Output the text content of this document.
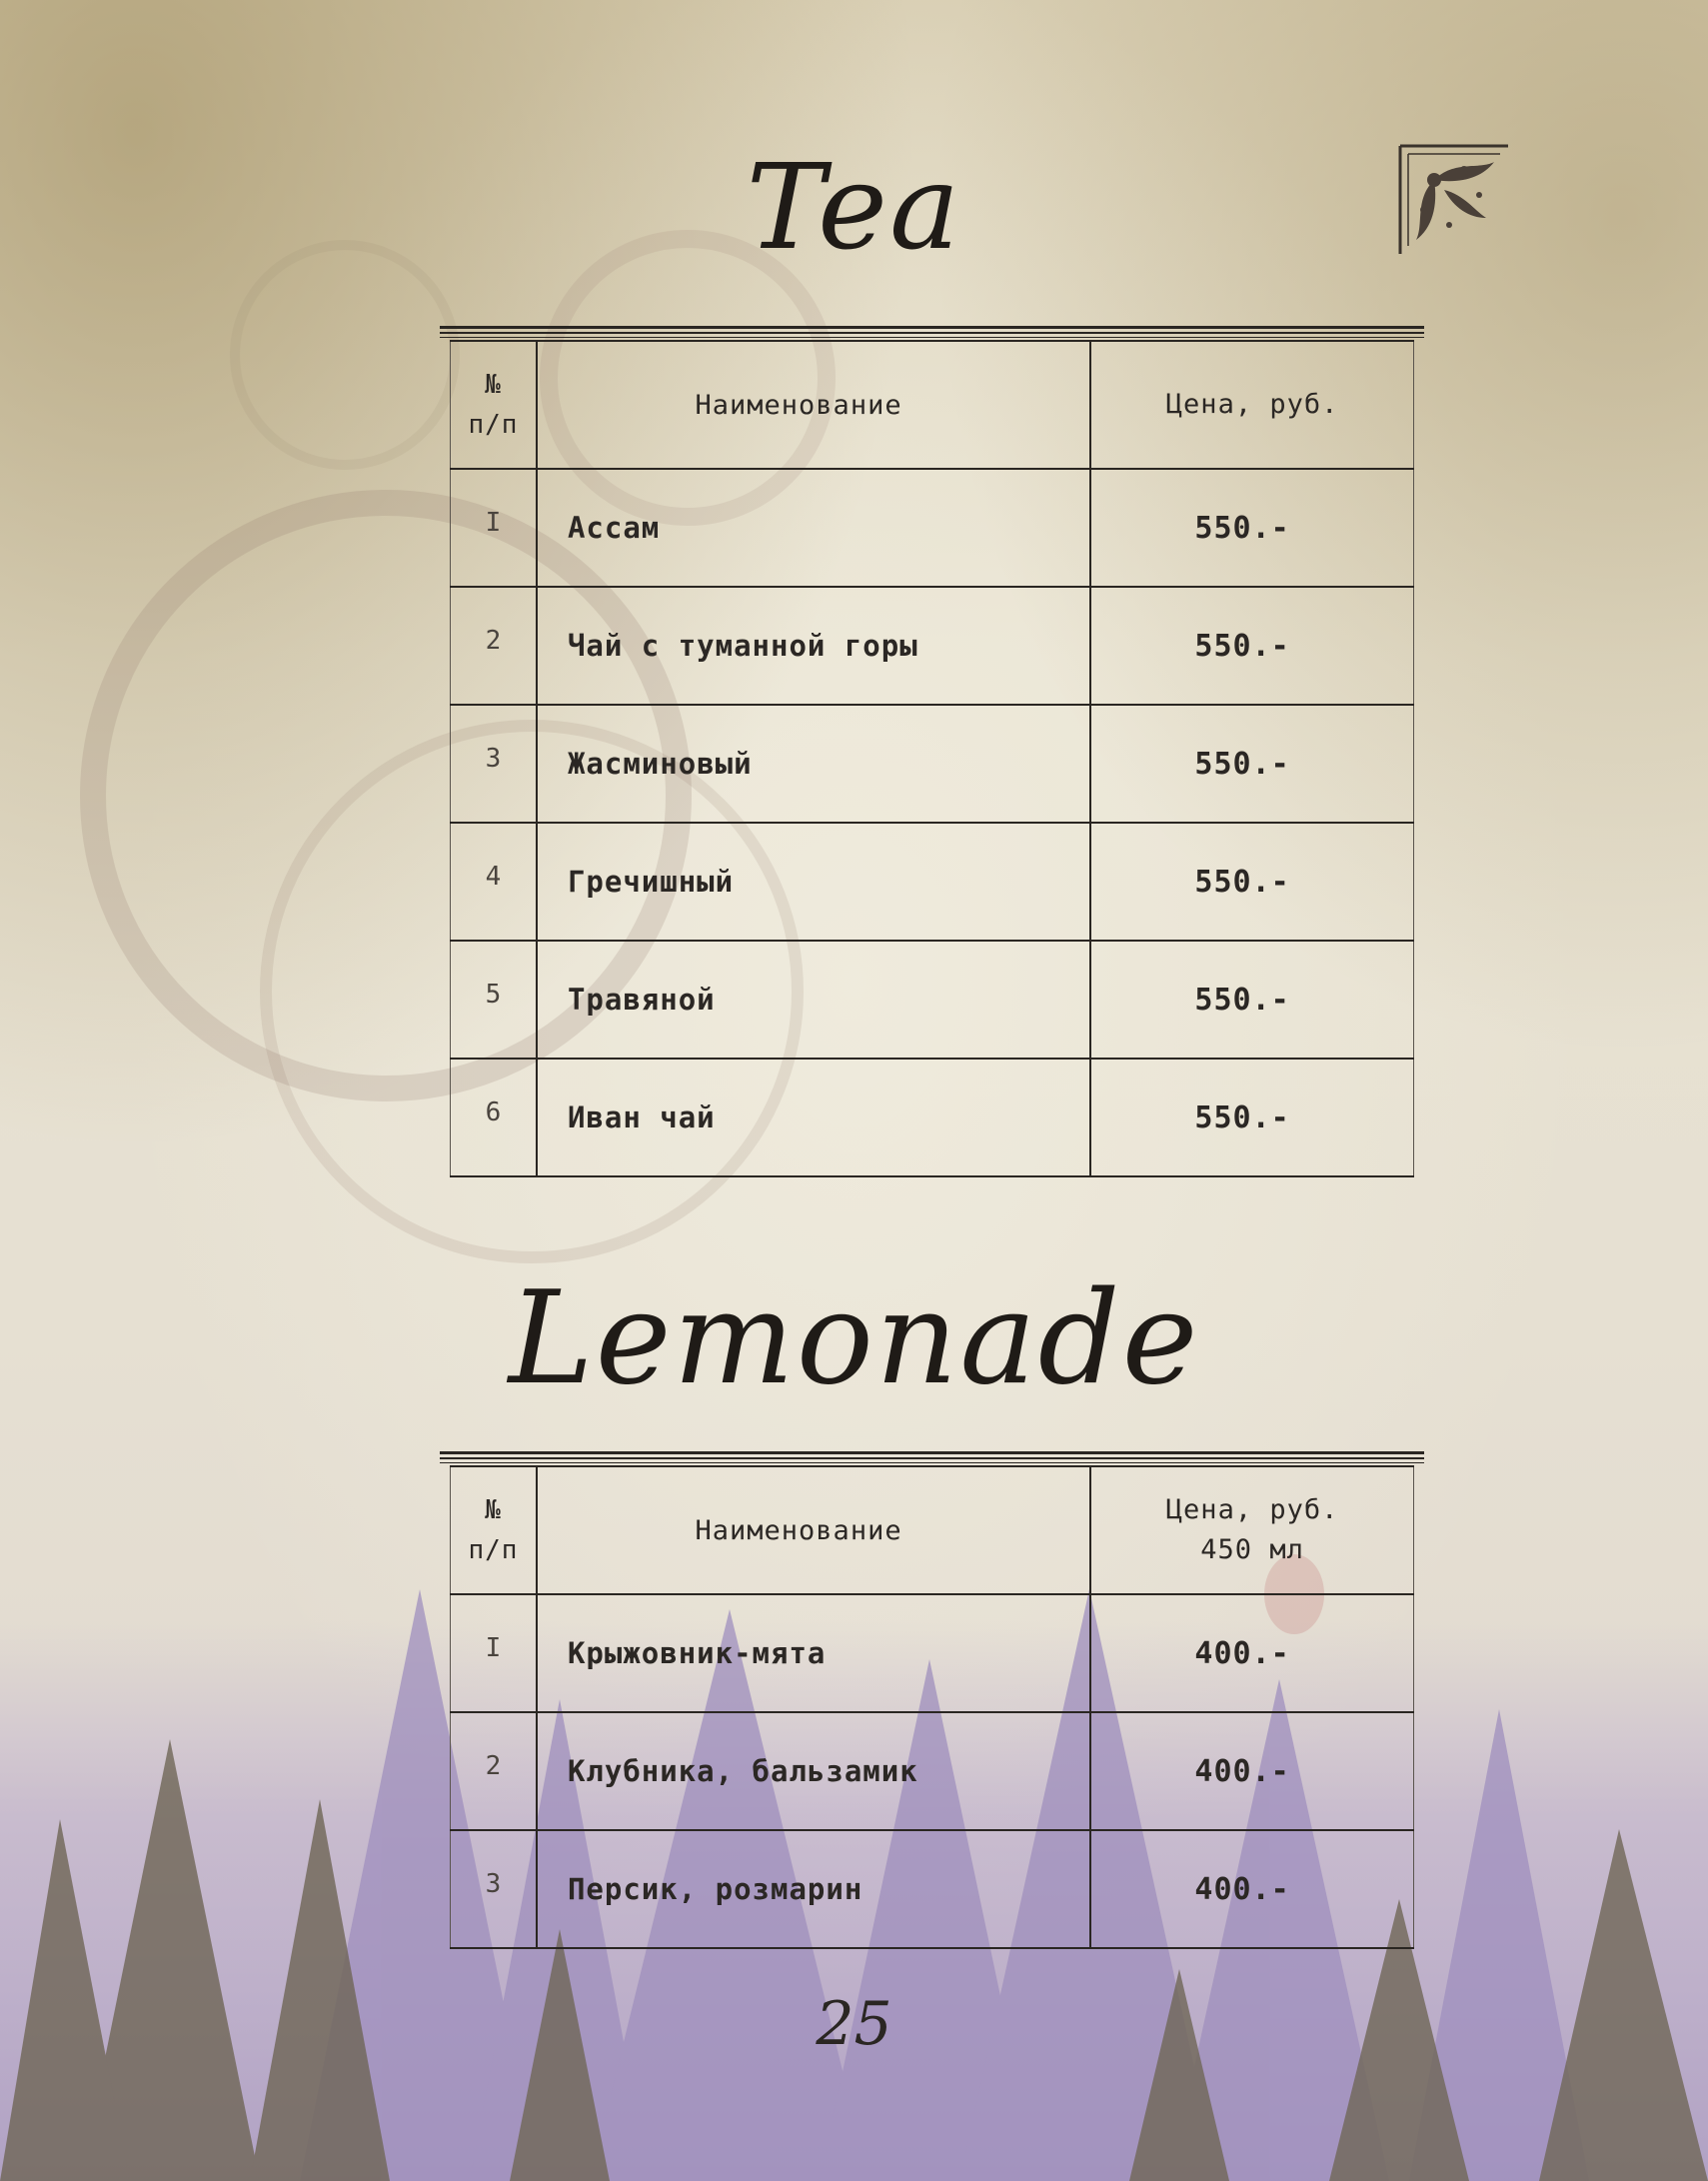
Tea
№
п/п	Наименование	Цена, руб.
I	Ассам	550.-
2	Чай с туманной горы	550.-
3	Жасминовый	550.-
4	Гречишный	550.-
5	Травяной	550.-
6	Иван чай	550.-
Lemonade
№
п/п	Наименование	Цена, руб.
450 мл
I	Крыжовник-мята	400.-
2	Клубника, бальзамик	400.-
3	Персик, розмарин	400.-
25
